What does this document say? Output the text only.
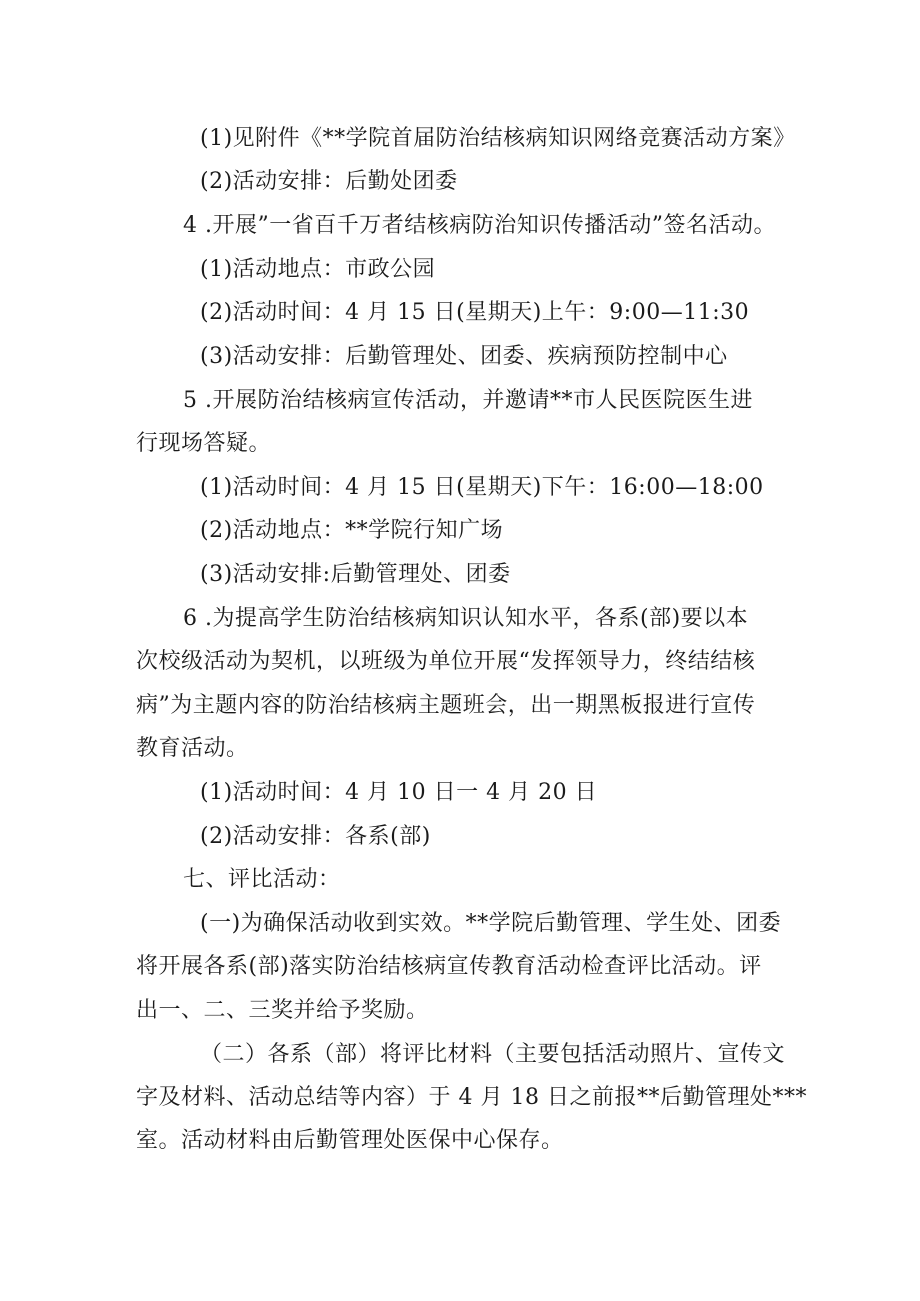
(1)见附件《**学院首届防治结核病知识网络竞赛活动方案》
(2)活动安排：后勤处团委
4 .开展”一省百千万者结核病防治知识传播活动”签名活动。
(1)活动地点：市政公园
(2)活动时间：4 月 15 日(星期天)上午：9:00—11:30
(3)活动安排：后勤管理处、团委、疾病预防控制中心
5 .开展防治结核病宣传活动，并邀请**市人民医院医生进
行现场答疑。
(1)活动时间：4 月 15 日(星期天)下午：16:00—18:00
(2)活动地点：**学院行知广场
(3)活动安排:后勤管理处、团委
6 .为提高学生防治结核病知识认知水平，各系(部)要以本
次校级活动为契机，以班级为单位开展“发挥领导力，终结结核
病”为主题内容的防治结核病主题班会，出一期黑板报进行宣传
教育活动。
(1)活动时间：4 月 10 日一 4 月 20 日
(2)活动安排：各系(部)
七、评比活动：
(一)为确保活动收到实效。**学院后勤管理、学生处、团委
将开展各系(部)落实防治结核病宣传教育活动检查评比活动。评
出一、二、三奖并给予奖励。
（二）各系（部）将评比材料（主要包括活动照片、宣传文
字及材料、活动总结等内容）于 4 月 18 日之前报**后勤管理处***
室。活动材料由后勤管理处医保中心保存。
